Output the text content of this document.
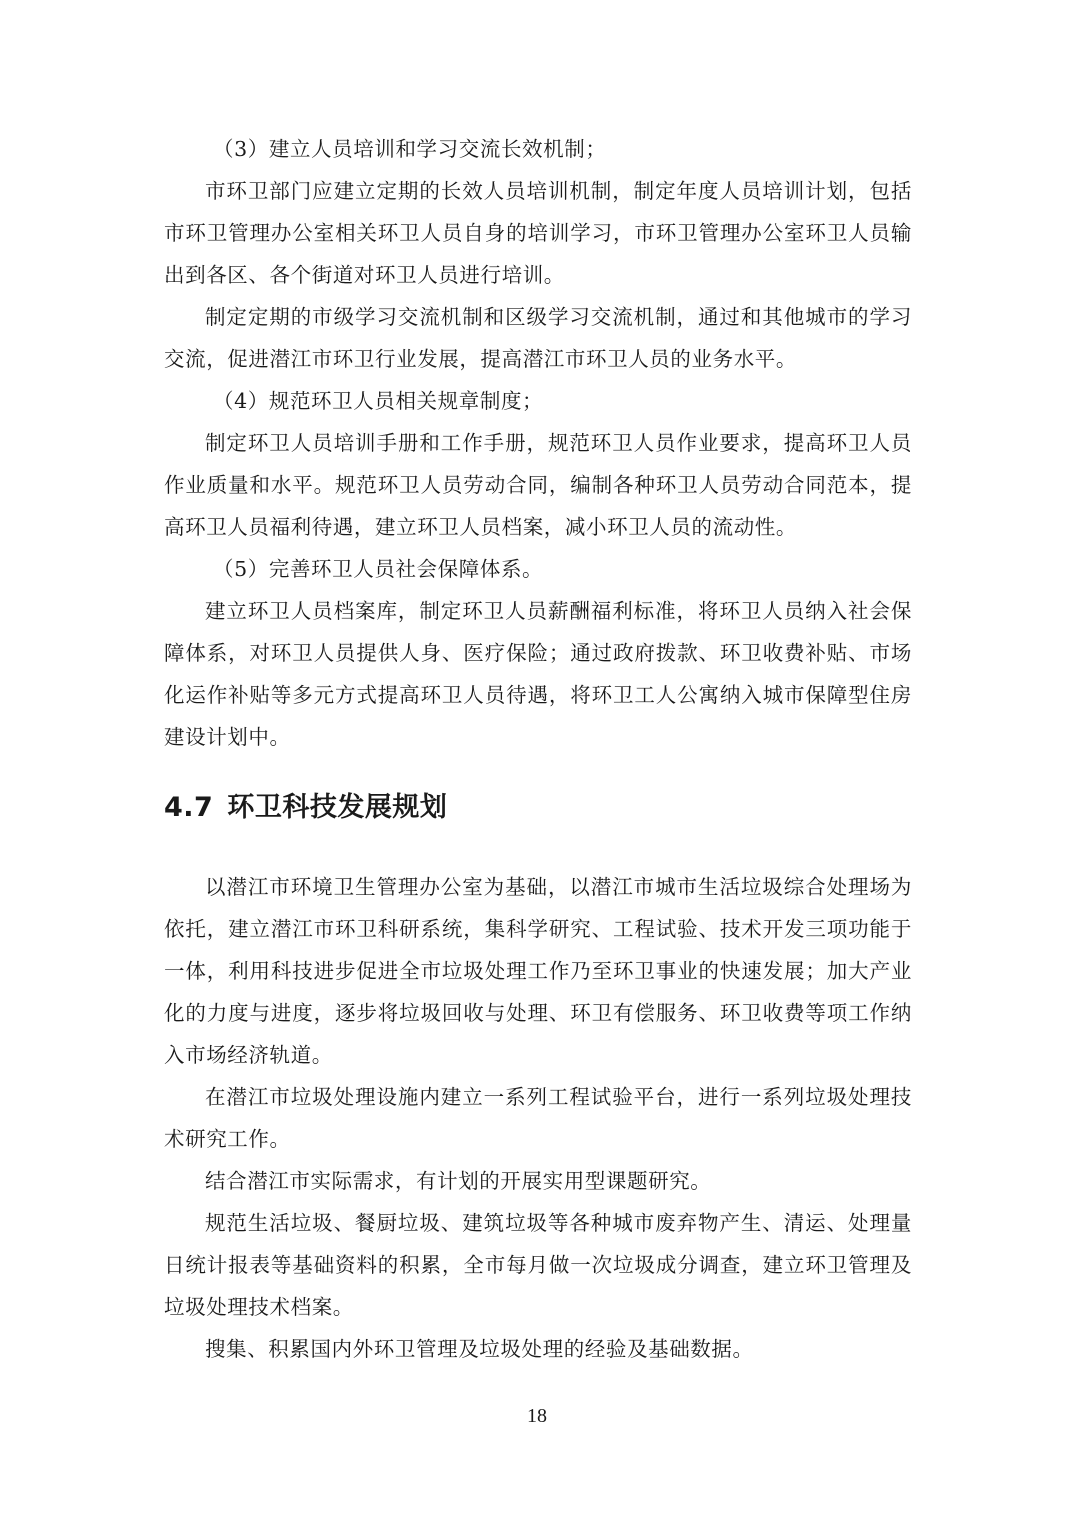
（3）建立人员培训和学习交流长效机制；

市环卫部门应建立定期的长效人员培训机制，制定年度人员培训计划，包括市环卫管理办公室相关环卫人员自身的培训学习，市环卫管理办公室环卫人员输出到各区、各个街道对环卫人员进行培训。

制定定期的市级学习交流机制和区级学习交流机制，通过和其他城市的学习交流，促进潜江市环卫行业发展，提高潜江市环卫人员的业务水平。

（4）规范环卫人员相关规章制度；

制定环卫人员培训手册和工作手册，规范环卫人员作业要求，提高环卫人员作业质量和水平。规范环卫人员劳动合同，编制各种环卫人员劳动合同范本，提高环卫人员福利待遇，建立环卫人员档案，减小环卫人员的流动性。

（5）完善环卫人员社会保障体系。

建立环卫人员档案库，制定环卫人员薪酬福利标准，将环卫人员纳入社会保障体系，对环卫人员提供人身、医疗保险；通过政府拨款、环卫收费补贴、市场化运作补贴等多元方式提高环卫人员待遇，将环卫工人公寓纳入城市保障型住房建设计划中。

4.7 环卫科技发展规划

以潜江市环境卫生管理办公室为基础，以潜江市城市生活垃圾综合处理场为依托，建立潜江市环卫科研系统，集科学研究、工程试验、技术开发三项功能于一体，利用科技进步促进全市垃圾处理工作乃至环卫事业的快速发展；加大产业化的力度与进度，逐步将垃圾回收与处理、环卫有偿服务、环卫收费等项工作纳入市场经济轨道。

在潜江市垃圾处理设施内建立一系列工程试验平台，进行一系列垃圾处理技术研究工作。

结合潜江市实际需求，有计划的开展实用型课题研究。

规范生活垃圾、餐厨垃圾、建筑垃圾等各种城市废弃物产生、清运、处理量日统计报表等基础资料的积累，全市每月做一次垃圾成分调查，建立环卫管理及垃圾处理技术档案。

搜集、积累国内外环卫管理及垃圾处理的经验及基础数据。

18
